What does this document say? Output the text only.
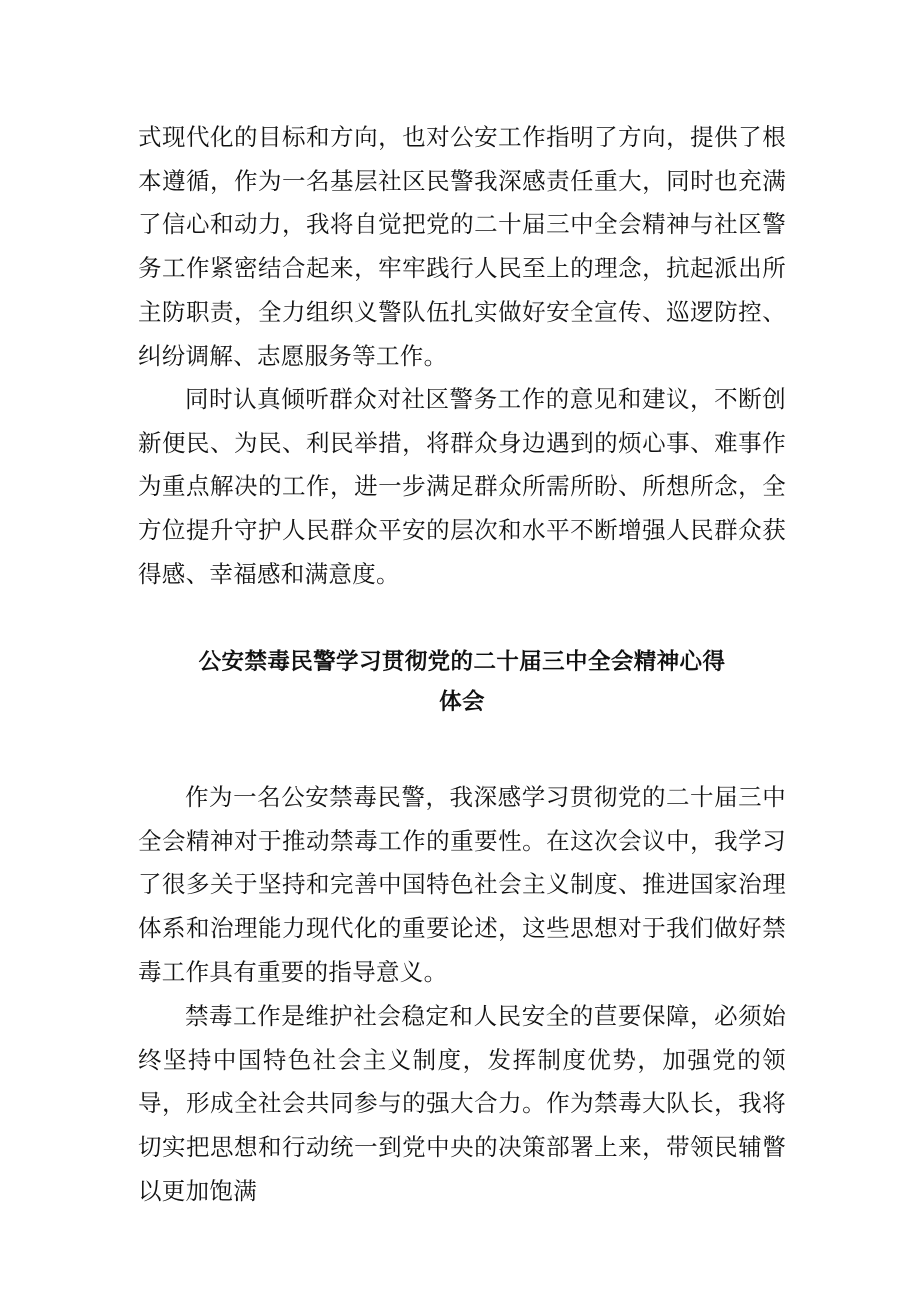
式现代化的目标和方向，也对公安工作指明了方向，提供了根本遵循，作为一名基层社区民警我深感责任重大，同时也充满了信心和动力，我将自觉把党的二十届三中全会精神与社区警务工作紧密结合起来，牢牢践行人民至上的理念，抗起派出所主防职责，全力组织义警队伍扎实做好安全宣传、巡逻防控、纠纷调解、志愿服务等工作。

同时认真倾听群众对社区警务工作的意见和建议，不断创新便民、为民、利民举措，将群众身边遇到的烦心事、难事作为重点解决的工作，进一步满足群众所需所盼、所想所念，全方位提升守护人民群众平安的层次和水平不断增强人民群众获得感、幸福感和满意度。

公安禁毒民警学习贯彻党的二十届三中全会精神心得
体会

作为一名公安禁毒民警，我深感学习贯彻党的二十届三中全会精神对于推动禁毒工作的重要性。在这次会议中，我学习了很多关于坚持和完善中国特色社会主义制度、推进国家治理体系和治理能力现代化的重要论述，这些思想对于我们做好禁毒工作具有重要的指导意义。

禁毒工作是维护社会稳定和人民安全的苣要保障，必须始终坚持中国特色社会主义制度，发挥制度优势，加强党的领导，形成全社会共同参与的强大合力。作为禁毒大队长，我将切实把思想和行动统一到党中央的决策部署上来，带领民辅瞥以更加饱满
